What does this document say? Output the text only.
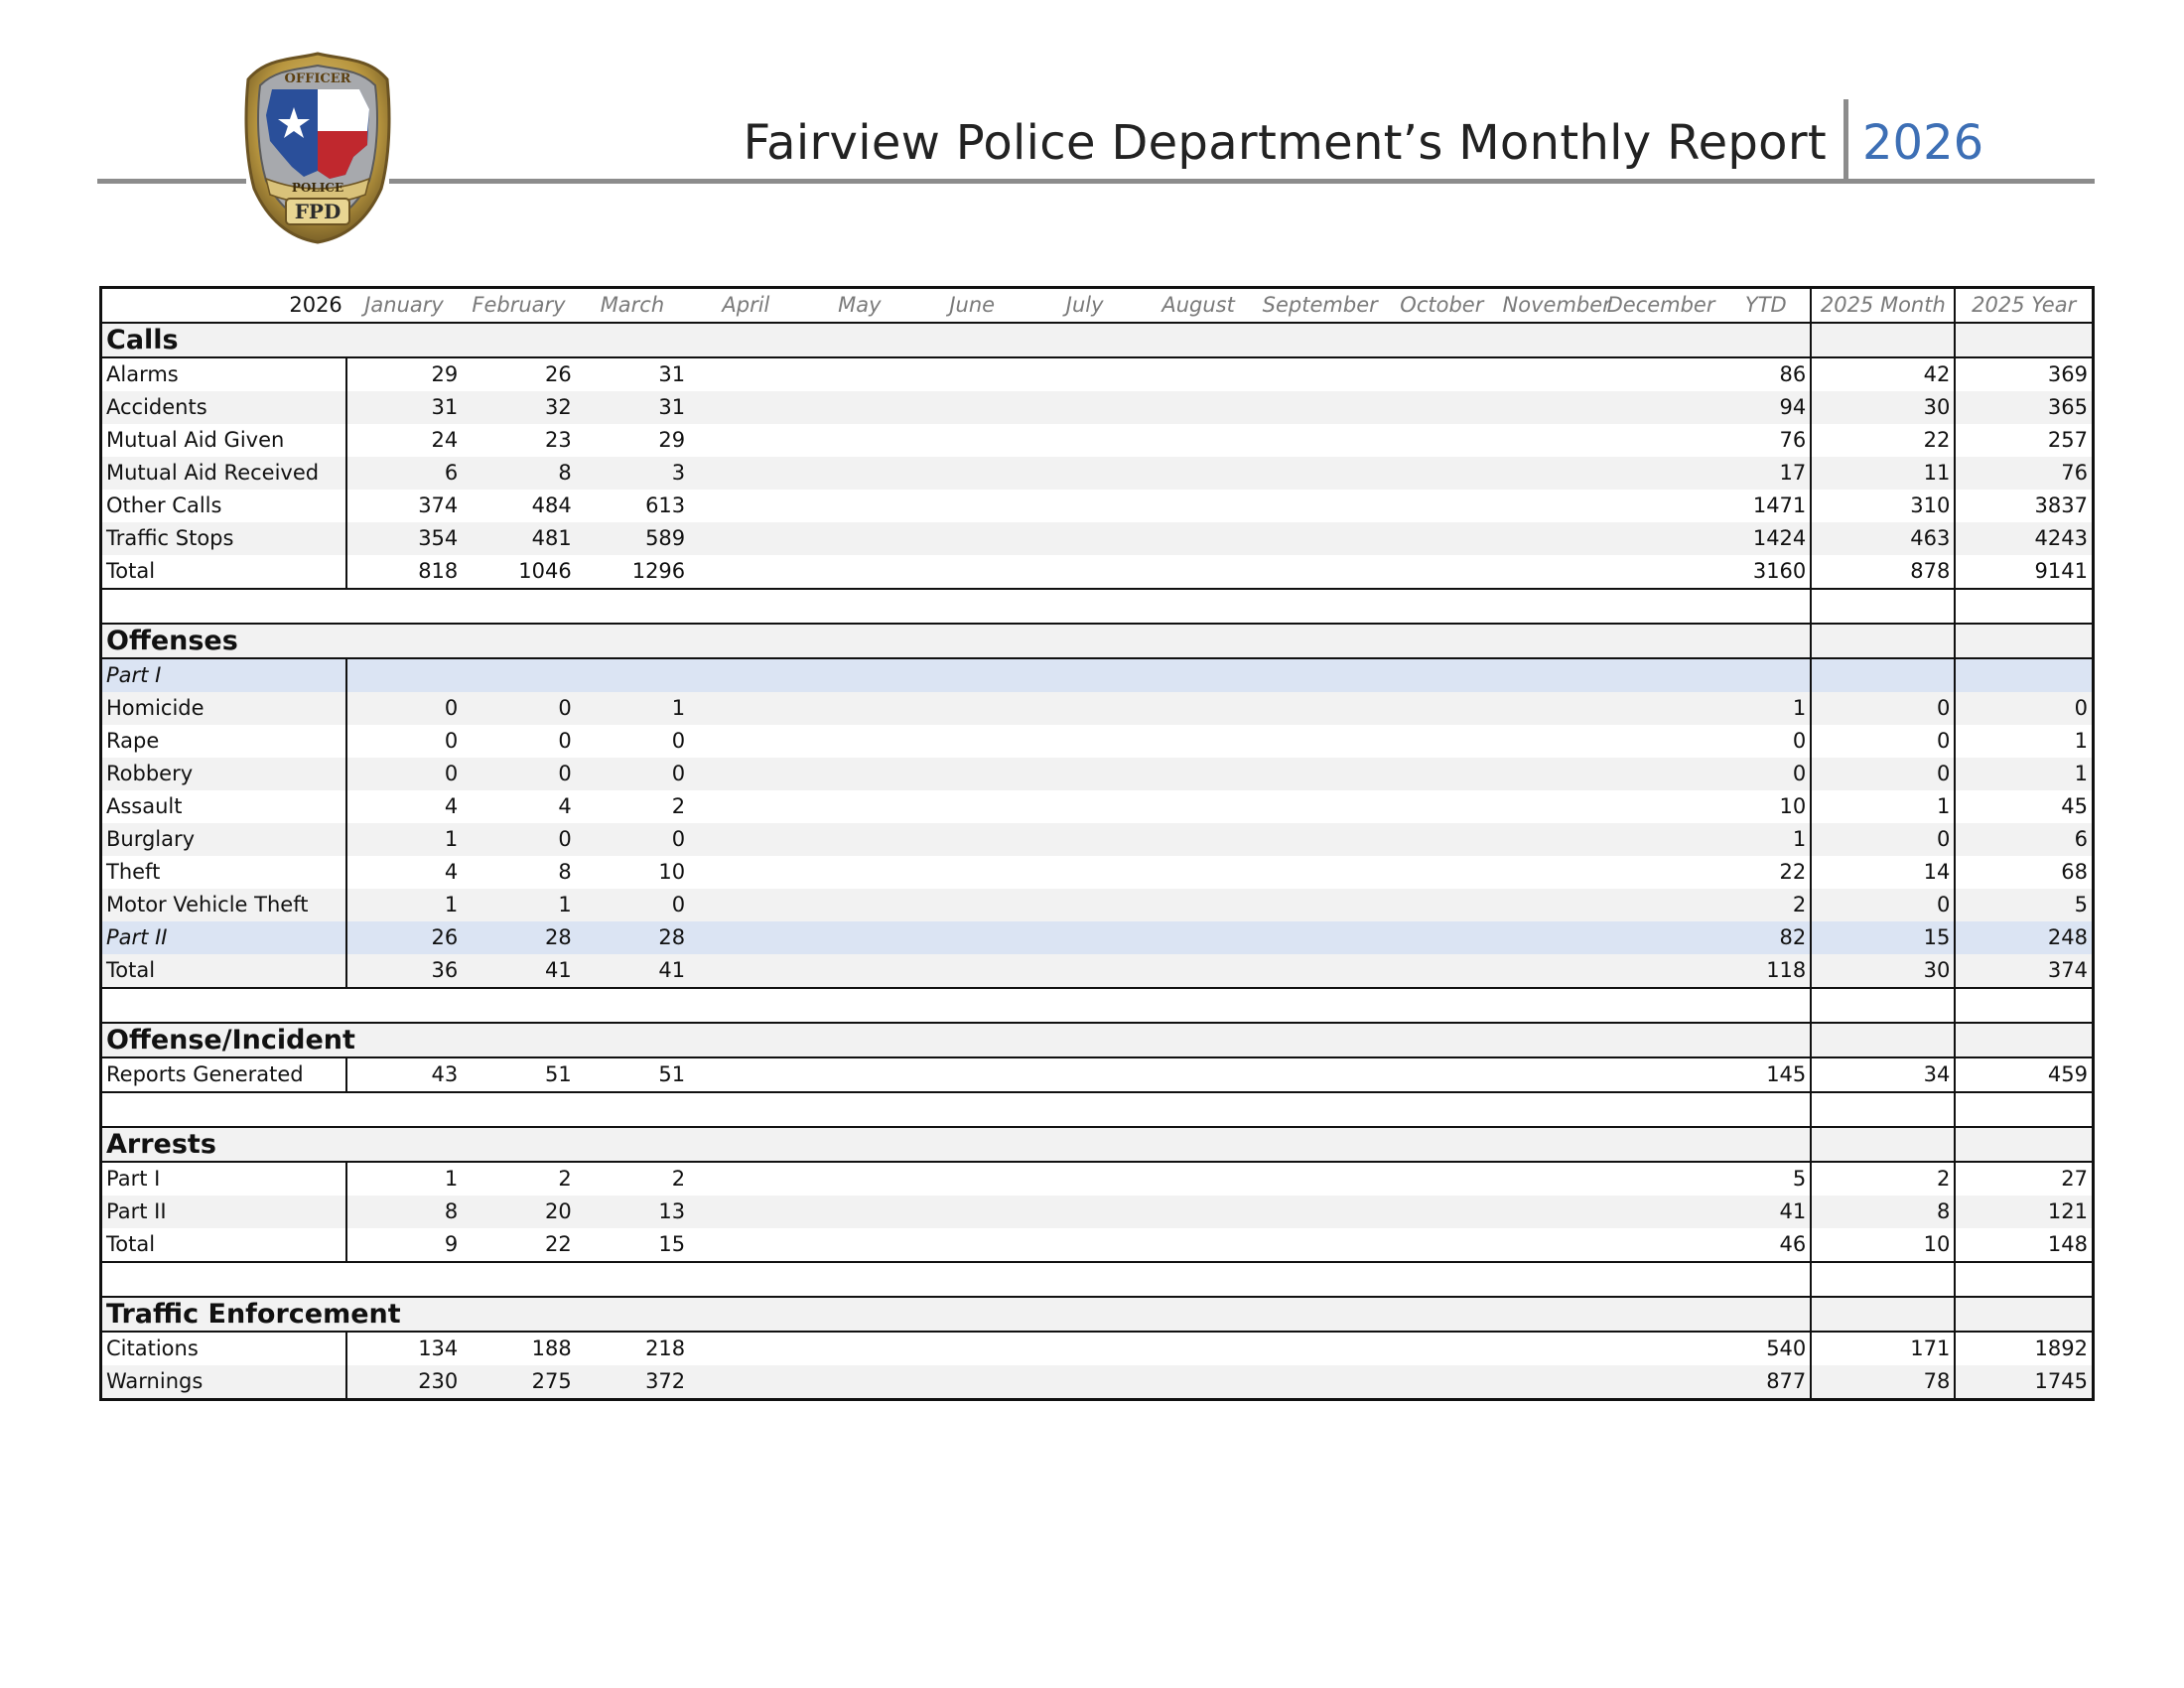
FPD
OFFICER
POLICE
Fairview Police Department’s Monthly Report 2026
2026	January	February	March	April	May	June	July	August	September	October	November	December	YTD	2025 Month	2025 Year
Calls															
Alarms	29	26	31										86	42	369
Accidents	31	32	31										94	30	365
Mutual Aid Given	24	23	29										76	22	257
Mutual Aid Received	6	8	3										17	11	76
Other Calls	374	484	613										1471	310	3837
Traffic Stops	354	481	589										1424	463	4243
Total	818	1046	1296										3160	878	9141

Offenses															
Part I															
Homicide	0	0	1										1	0	0
Rape	0	0	0										0	0	1
Robbery	0	0	0										0	0	1
Assault	4	4	2										10	1	45
Burglary	1	0	0										1	0	6
Theft	4	8	10										22	14	68
Motor Vehicle Theft	1	1	0										2	0	5
Part II	26	28	28										82	15	248
Total	36	41	41										118	30	374

Offense/Incident															
Reports Generated	43	51	51										145	34	459

Arrests															
Part I	1	2	2										5	2	27
Part II	8	20	13										41	8	121
Total	9	22	15										46	10	148

Traffic Enforcement															
Citations	134	188	218										540	171	1892
Warnings	230	275	372										877	78	1745
